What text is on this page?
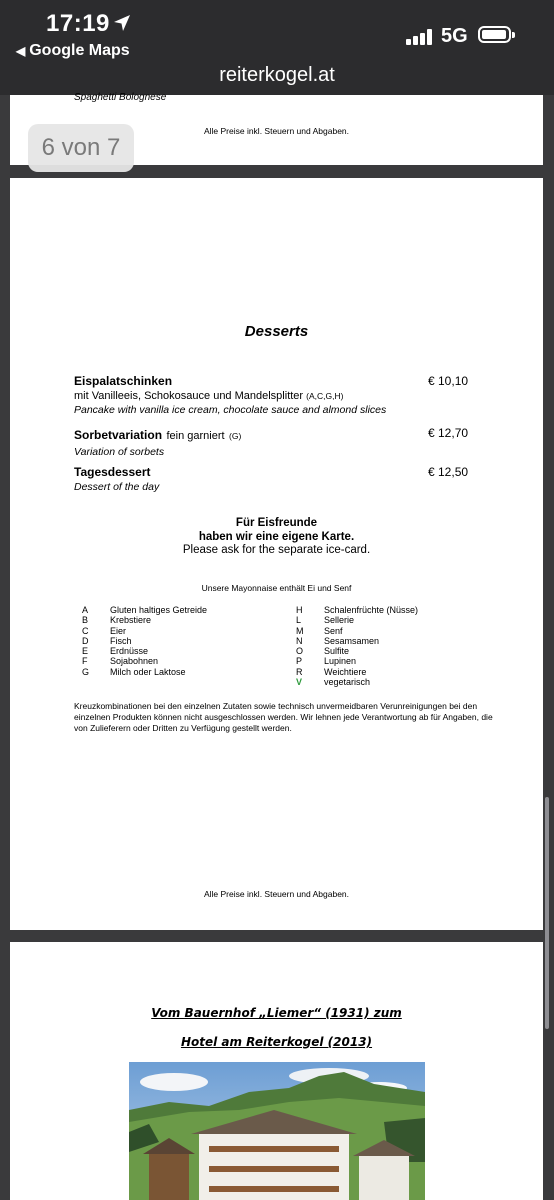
17:19
◀ Google Maps
5G
reiterkogel.at
Spaghetti Bolognese
Alle Preise inkl. Steuern und Abgaben.
6 von 7
Desserts
Eispalatschinken
mit Vanilleeis, Schokosauce und Mandelsplitter (A,C,G,H)
Pancake with vanilla ice cream, chocolate sauce and almond slices
€ 10,10
Sorbetvariation fein garniert (G)
Variation of sorbets
€ 12,70
Tagesdessert
Dessert of the day
€ 12,50
Für Eisfreunde
haben wir eine eigene Karte.
Please ask for the separate ice-card.
Unsere Mayonnaise enthält Ei und Senf
A Gluten haltiges Getreide
B Krebstiere
C Eier
D Fisch
E Erdnüsse
F	Sojabohnen
G Milch oder Laktose
H Schalenfrüchte (Nüsse)
L	Sellerie
M Senf
N Sesamsamen
O Sulfite
P Lupinen
R Weichtiere
V vegetarisch
Kreuzkombinationen bei den einzelnen Zutaten sowie technisch unvermeidbaren Verunreinigungen bei den einzelnen Produkten können nicht ausgeschlossen werden. Wir lehnen jede Verantwortung ab für Angaben, die von Zulieferern oder Dritten zu Verfügung gestellt werden.
Alle Preise inkl. Steuern und Abgaben.
Vom Bauernhof „Liemer“ (1931) zum
Hotel am Reiterkogel (2013)
